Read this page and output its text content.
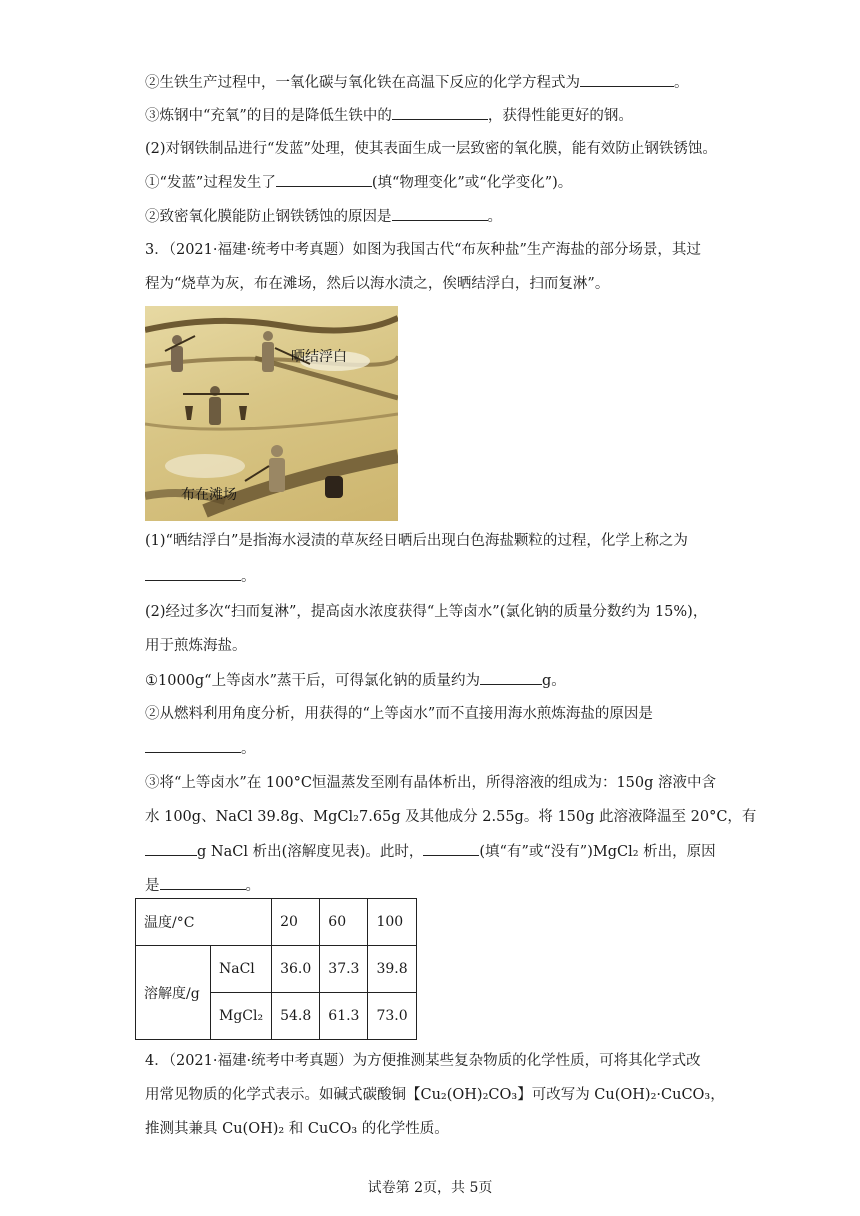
②生铁生产过程中，一氧化碳与氧化铁在高温下反应的化学方程式为	。
③炼钢中“充氧”的目的是降低生铁中的	，获得性能更好的钢。
(2)对钢铁制品进行“发蓝”处理，使其表面生成一层致密的氧化膜，能有效防止钢铁锈蚀。
①“发蓝”过程发生了	(填“物理变化”或“化学变化”)。
②致密氧化膜能防止钢铁锈蚀的原因是	。
3．（2021·福建·统考中考真题）如图为我国古代“布灰种盐”生产海盐的部分场景，其过
程为“烧草为灰，布在滩场，然后以海水渍之，俟晒结浮白，扫而复淋”。
晒结浮白
布在滩场
(1)“晒结浮白”是指海水浸渍的草灰经日晒后出现白色海盐颗粒的过程，化学上称之为
。
(2)经过多次“扫而复淋”，提高卤水浓度获得“上等卤水”(氯化钠的质量分数约为 15%)，
用于煎炼海盐。
①1000g“上等卤水”蒸干后，可得氯化钠的质量约为	g。
②从燃料利用角度分析，用获得的“上等卤水”而不直接用海水煎炼海盐的原因是
。
③将“上等卤水”在 100°C恒温蒸发至刚有晶体析出，所得溶液的组成为：150g 溶液中含
水 100g、NaCl 39.8g、MgCl₂7.65g 及其他成分 2.55g。将 150g 此溶液降温至 20°C，有
g NaCl 析出(溶解度见表)。此时，	(填“有”或“没有”)MgCl₂ 析出，原因
是	。
温度/°C		20	60	100
溶解度/g	NaCl	36.0	37.3	39.8
	MgCl₂	54.8	61.3	73.0
4．（2021·福建·统考中考真题）为方便推测某些复杂物质的化学性质，可将其化学式改
用常见物质的化学式表示。如碱式碳酸铜【Cu₂(OH)₂CO₃】可改写为 Cu(OH)₂·CuCO₃，
推测其兼具 Cu(OH)₂ 和 CuCO₃ 的化学性质。
试卷第 2页，共 5页
